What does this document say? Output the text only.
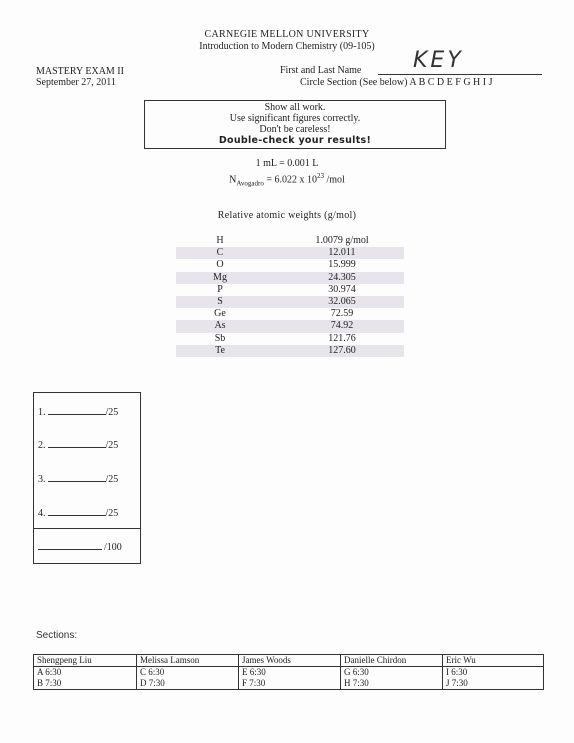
CARNEGIE MELLON UNIVERSITY
Introduction to Modern Chemistry (09-105)
MASTERY EXAM II
September 27, 2011
First and Last Name KEY
Circle Section (See below) A B C D E F G H I J
Show all work.
Use significant figures correctly.
Don't be careless!
Double-check your results!
1 mL = 0.001 L
$N_{Avogadro} = 6.022$ x $10^{23}$ /mol
Relative atomic weights (g/mol)
H	1.0079 g/mol
C	12.011
O	15.999
Mg	24.305
P	30.974
S	32.065
Ge	72.59
As	74.92
Sb	121.76
Te	127.60
1.	/25
2.	/25
3.	/25
4.	/25
/100
Sections:
Shengpeng Liu	Melissa Lamson	James Woods	Danielle Chirdon	Eric Wu
A 6:30	C 6:30	E 6:30	G 6:30	I 6:30
B 7:30	D 7:30	F 7:30	H 7:30	J 7:30
